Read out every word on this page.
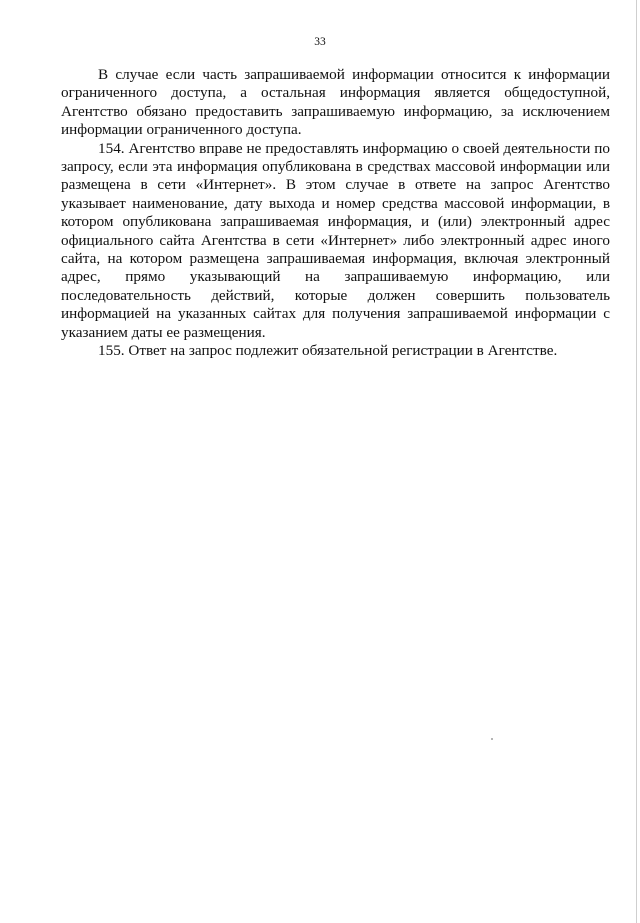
33

В случае если часть запрашиваемой информации относится к информации ограниченного доступа, а остальная информация является общедоступной, Агентство обязано предоставить запрашиваемую информацию, за исключением информации ограниченного доступа.

154. Агентство вправе не предоставлять информацию о своей деятельности по запросу, если эта информация опубликована в средствах массовой информации или размещена в сети «Интернет». В этом случае в ответе на запрос Агентство указывает наименование, дату выхода и номер средства массовой информации, в котором опубликована запрашиваемая информация, и (или) электронный адрес официального сайта Агентства в сети «Интернет» либо электронный адрес иного сайта, на котором размещена запрашиваемая информация, включая электронный адрес, прямо указывающий на запрашиваемую информацию, или последовательность действий, которые должен совершить пользователь информацией на указанных сайтах для получения запрашиваемой информации с указанием даты ее размещения.

155. Ответ на запрос подлежит обязательной регистрации в Агентстве.
